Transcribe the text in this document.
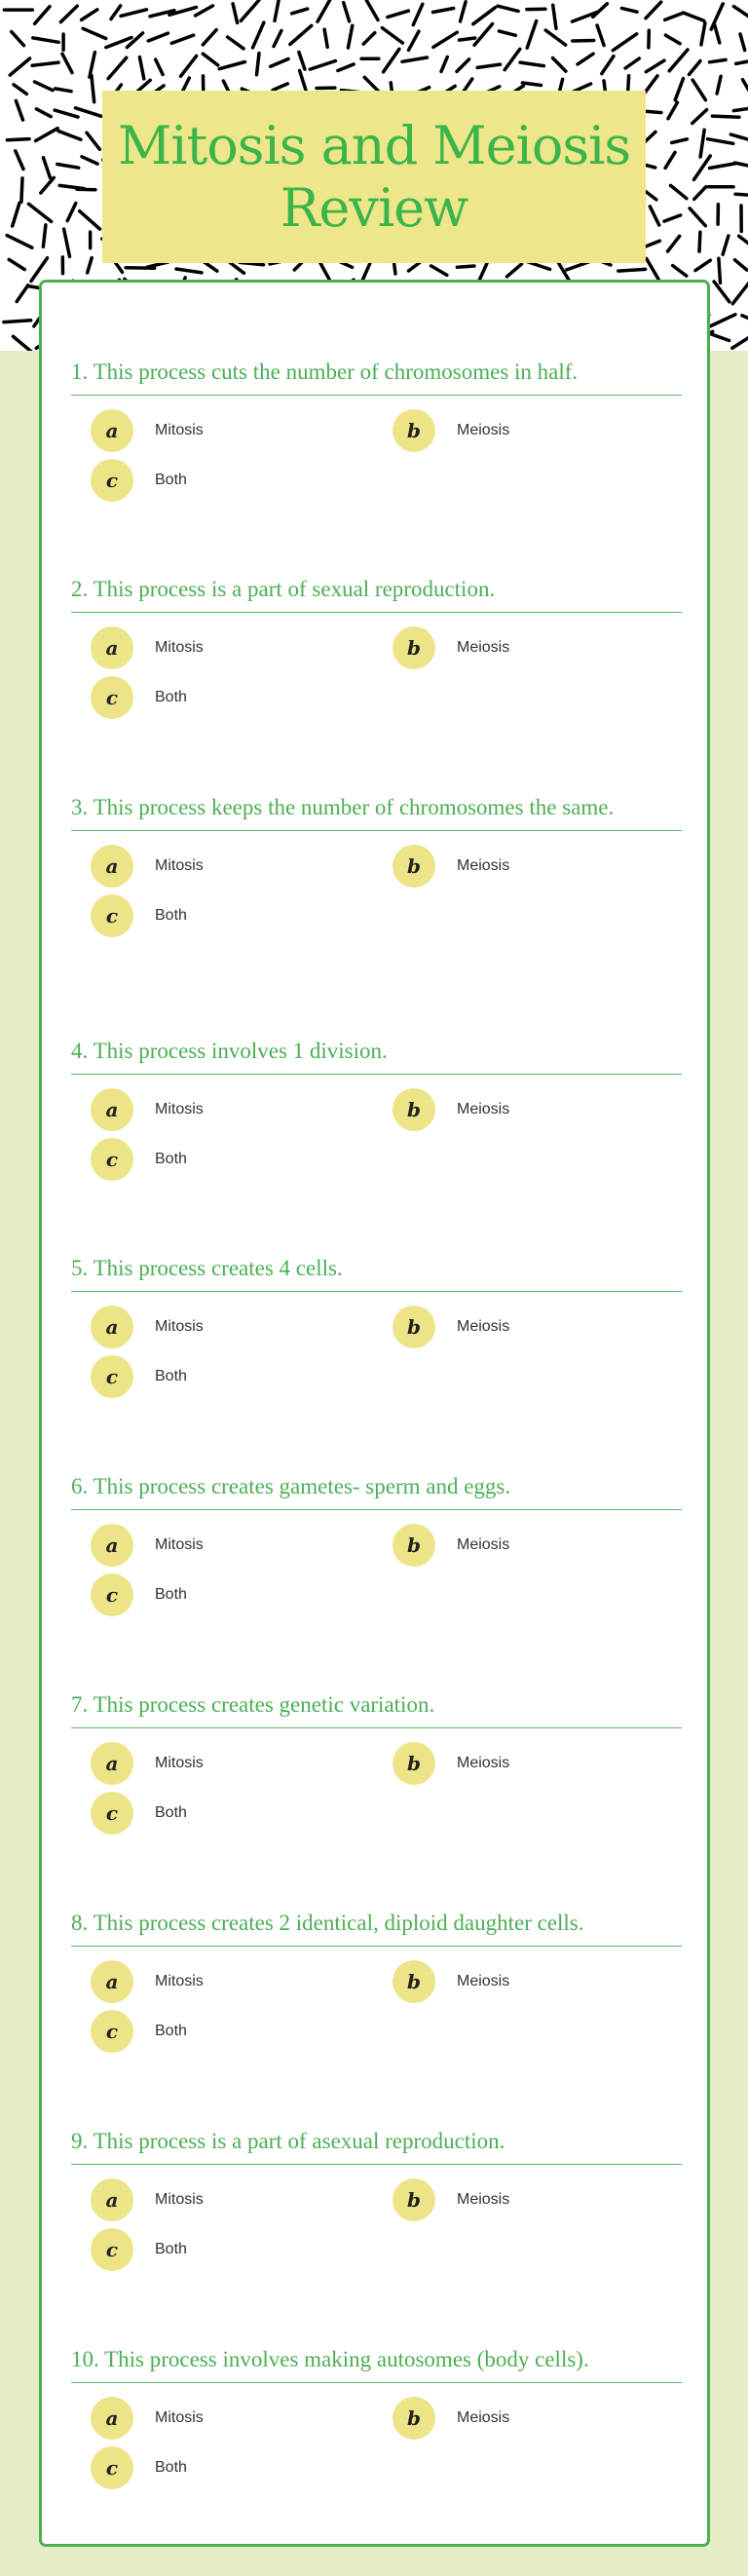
Mitosis and Meiosis Review
1. This process cuts the number of chromosomes in half.
a	Mitosis	b	Meiosis
c	Both
2. This process is a part of sexual reproduction.
a	Mitosis	b	Meiosis
c	Both
3. This process keeps the number of chromosomes the same.
a	Mitosis	b	Meiosis
c	Both
4. This process involves 1 division.
a	Mitosis	b	Meiosis
c	Both
5. This process creates 4 cells.
a	Mitosis	b	Meiosis
c	Both
6. This process creates gametes- sperm and eggs.
a	Mitosis	b	Meiosis
c	Both
7. This process creates genetic variation.
a	Mitosis	b	Meiosis
c	Both
8. This process creates 2 identical, diploid daughter cells.
a	Mitosis	b	Meiosis
c	Both
9. This process is a part of asexual reproduction.
a	Mitosis	b	Meiosis
c	Both
10. This process involves making autosomes (body cells).
a	Mitosis	b	Meiosis
c	Both
